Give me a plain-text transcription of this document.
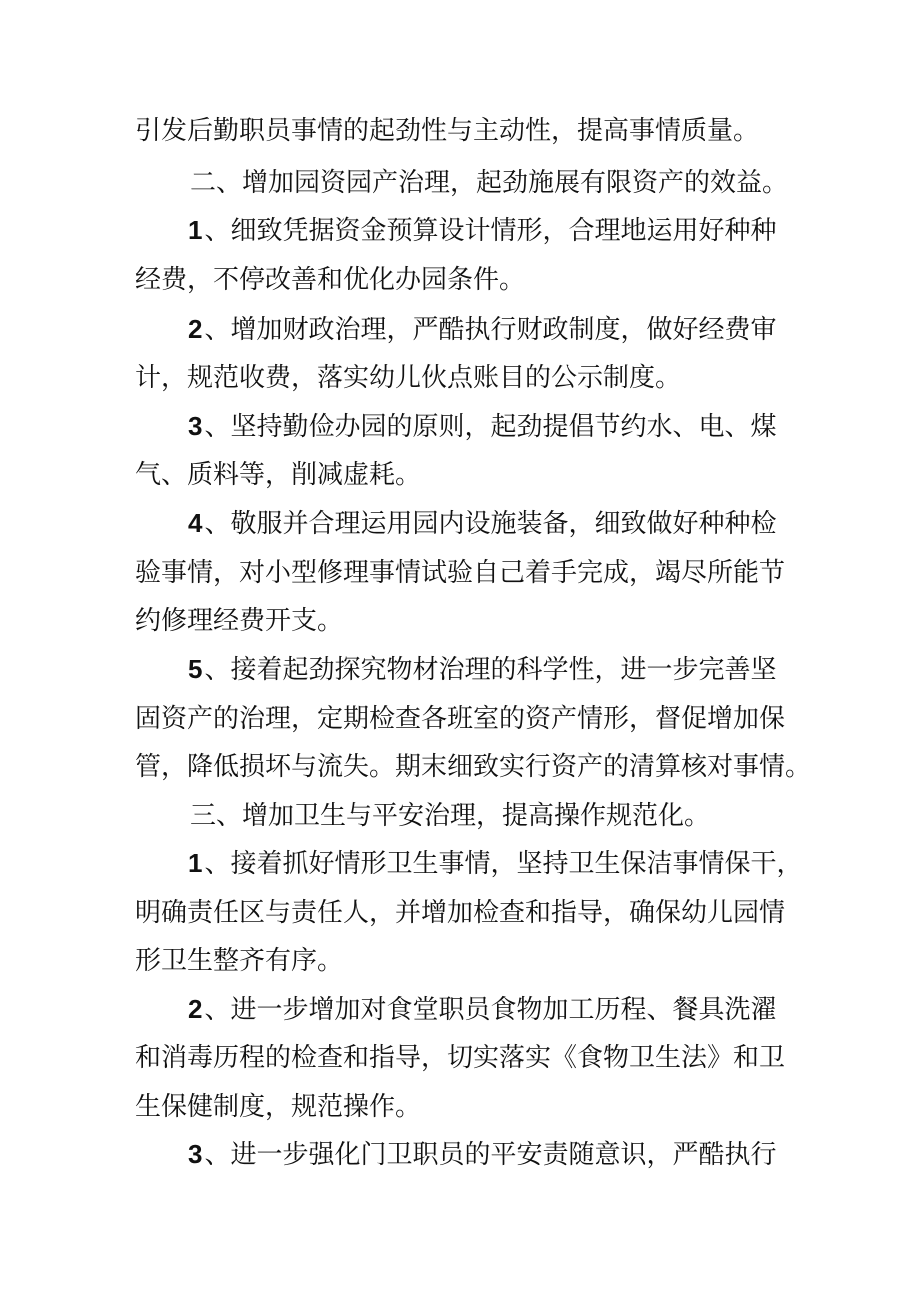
引发后勤职员事情的起劲性与主动性，提高事情质量。
二、增加园资园产治理，起劲施展有限资产的效益。
1、细致凭据资金预算设计情形，合理地运用好种种
经费，不停改善和优化办园条件。
2、增加财政治理，严酷执行财政制度，做好经费审
计，规范收费，落实幼儿伙点账目的公示制度。
3、坚持勤俭办园的原则，起劲提倡节约水、电、煤
气、质料等，削减虚耗。
4、敬服并合理运用园内设施装备，细致做好种种检
验事情，对小型修理事情试验自己着手完成，竭尽所能节
约修理经费开支。
5、接着起劲探究物材治理的科学性，进一步完善坚
固资产的治理，定期检查各班室的资产情形，督促增加保
管，降低损坏与流失。期末细致实行资产的清算核对事情。
三、增加卫生与平安治理，提高操作规范化。
1、接着抓好情形卫生事情，坚持卫生保洁事情保干，
明确责任区与责任人，并增加检查和指导，确保幼儿园情
形卫生整齐有序。
2、进一步增加对食堂职员食物加工历程、餐具洗濯
和消毒历程的检查和指导，切实落实《食物卫生法》和卫
生保健制度，规范操作。
3、进一步强化门卫职员的平安责随意识，严酷执行
